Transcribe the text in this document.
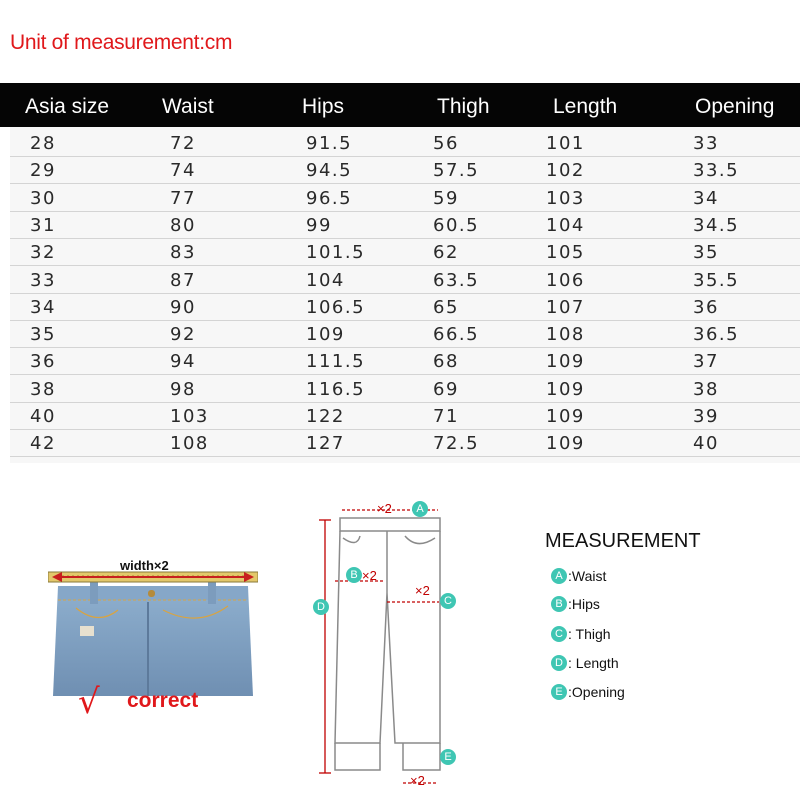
Unit of measurement:cm
Asia size	Waist	Hips	Thigh	Length	Opening
28	72	91.5	56	101	33
29	74	94.5	57.5	102	33.5
30	77	96.5	59	103	34
31	80	99	60.5	104	34.5
32	83	101.5	62	105	35
33	87	104	63.5	106	35.5
34	90	106.5	65	107	36
35	92	109	66.5	108	36.5
36	94	111.5	68	109	37
38	98	116.5	69	109	38
40	103	122	71	109	39
42	108	127	72.5	109	40
width×2
√ correct
×2
×2
×2
×2
A
B
C
D
E
MEASUREMENT
A :Waist
B :Hips
C : Thigh
D : Length
E :Opening
